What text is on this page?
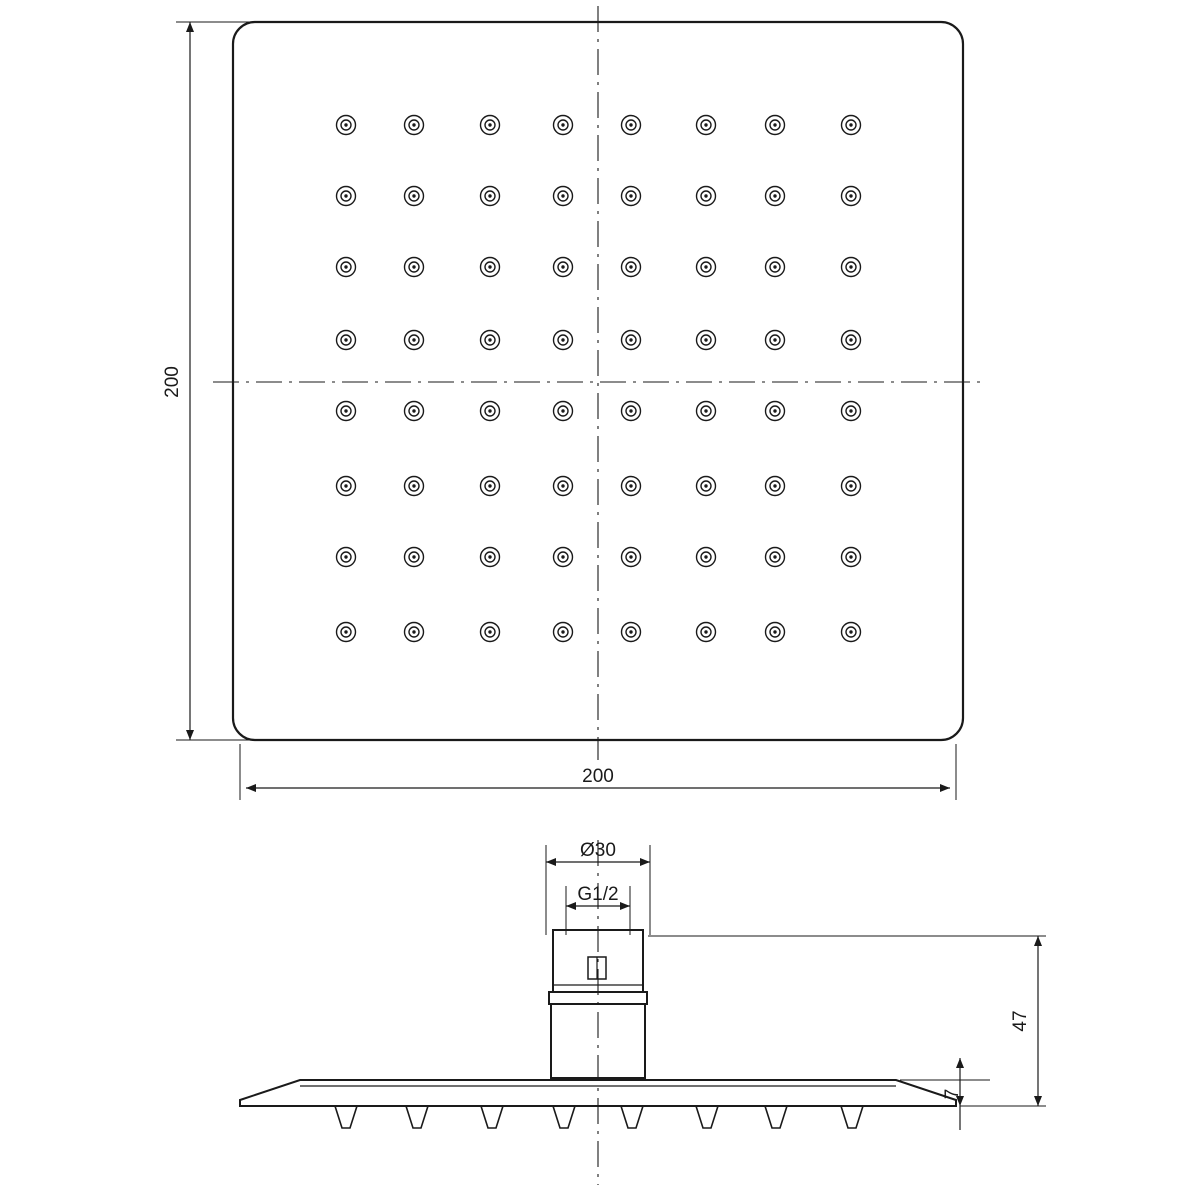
200
200
Ø30
G1/2
47
7
